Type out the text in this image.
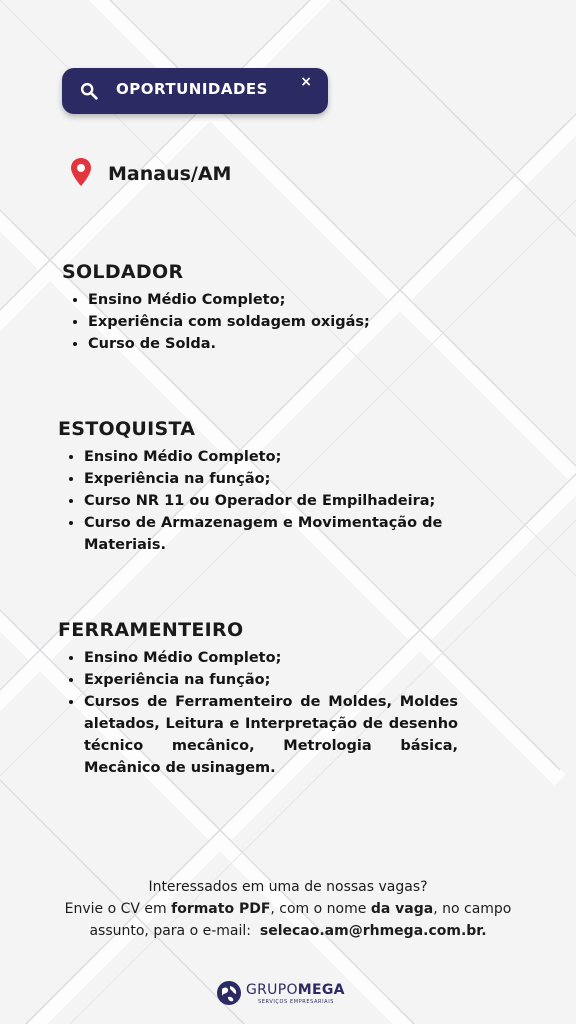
OPORTUNIDADES ×
Manaus/AM
SOLDADOR
• Ensino Médio Completo;
• Experiência com soldagem oxigás;
• Curso de Solda.
ESTOQUISTA
• Ensino Médio Completo;
• Experiência na função;
• Curso NR 11 ou Operador de Empilhadeira;
• Curso de Armazenagem e Movimentação de Materiais.
FERRAMENTEIRO
• Ensino Médio Completo;
• Experiência na função;
• Cursos de Ferramenteiro de Moldes, Moldes aletados, Leitura e Interpretação de desenho técnico mecânico, Metrologia básica, Mecânico de usinagem.
Interessados em uma de nossas vagas?
Envie o CV em formato PDF, com o nome da vaga, no campo
assunto, para o e-mail: selecao.am@rhmega.com.br.
GRUPOMEGA
SERVIÇOS EMPRESARIAIS
